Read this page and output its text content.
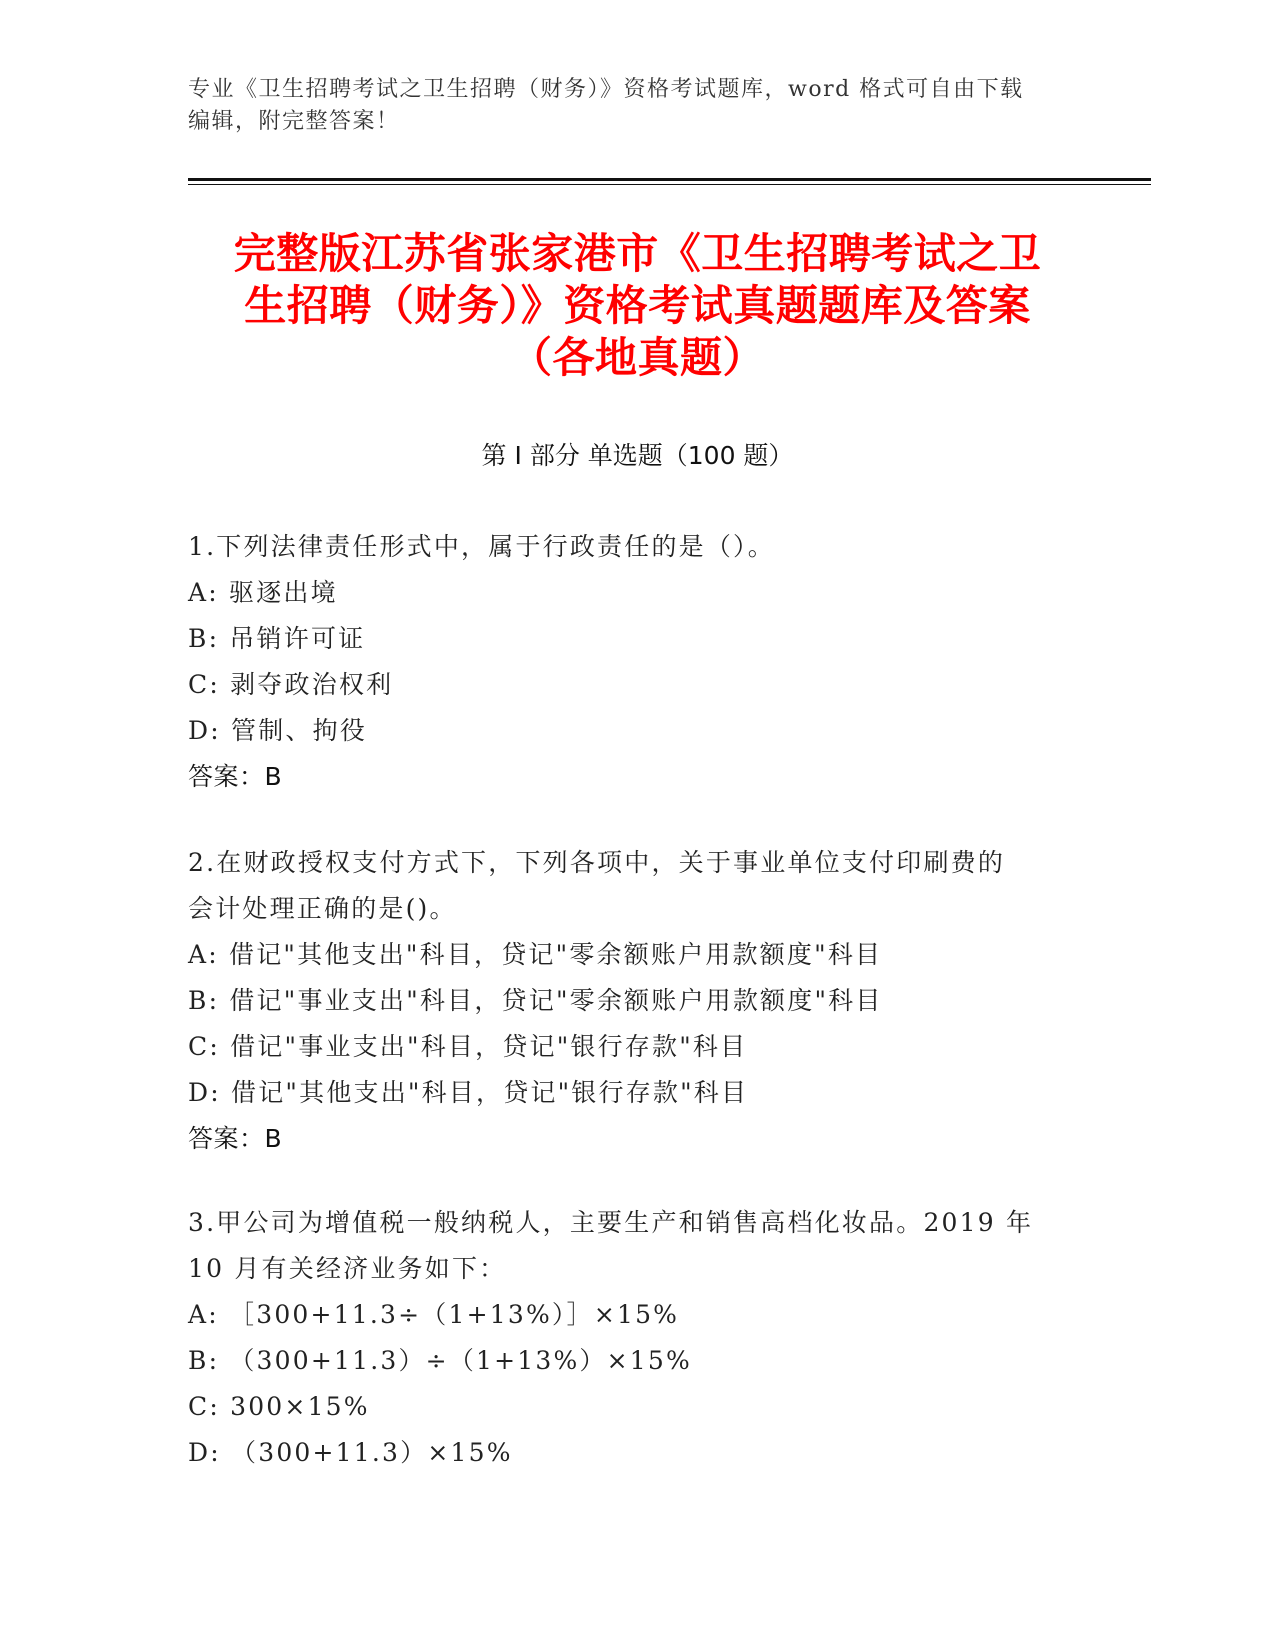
专业《卫生招聘考试之卫生招聘（财务）》资格考试题库，word 格式可自由下载
编辑，附完整答案！
完整版江苏省张家港市《卫生招聘考试之卫
生招聘（财务）》资格考试真题题库及答案
（各地真题）
第 I 部分 单选题（100 题）
1.下列法律责任形式中，属于行政责任的是（）。
A: 驱逐出境
B: 吊销许可证
C: 剥夺政治权利
D: 管制、拘役
答案：B
2.在财政授权支付方式下，下列各项中，关于事业单位支付印刷费的
会计处理正确的是()。
A: 借记"其他支出"科目，贷记"零余额账户用款额度"科目
B: 借记"事业支出"科目，贷记"零余额账户用款额度"科目
C: 借记"事业支出"科目，贷记"银行存款"科目
D: 借记"其他支出"科目，贷记"银行存款"科目
答案：B
3.甲公司为增值税一般纳税人，主要生产和销售高档化妆品。2019 年
10 月有关经济业务如下：
A: ［300+11.3÷（1+13%）］×15%
B: （300+11.3）÷（1+13%）×15%
C: 300×15%
D: （300+11.3）×15%
